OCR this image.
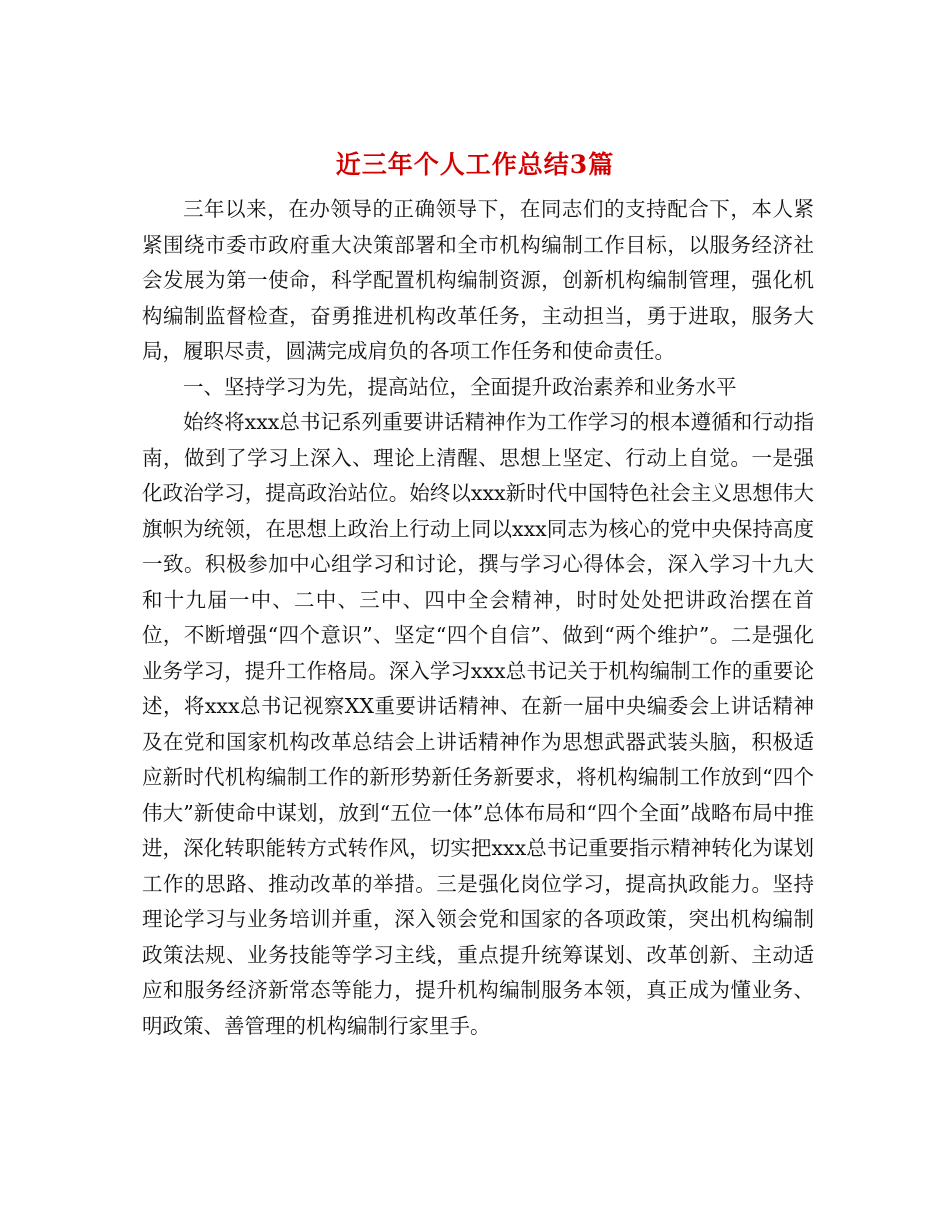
近三年个人工作总结3篇

三年以来，在办领导的正确领导下，在同志们的支持配合下，本人紧紧围绕市委市政府重大决策部署和全市机构编制工作目标，以服务经济社会发展为第一使命，科学配置机构编制资源，创新机构编制管理，强化机构编制监督检查，奋勇推进机构改革任务，主动担当，勇于进取，服务大局，履职尽责，圆满完成肩负的各项工作任务和使命责任。

一、坚持学习为先，提高站位，全面提升政治素养和业务水平

始终将xxx总书记系列重要讲话精神作为工作学习的根本遵循和行动指南，做到了学习上深入、理论上清醒、思想上坚定、行动上自觉。一是强化政治学习，提高政治站位。始终以xxx新时代中国特色社会主义思想伟大旗帜为统领，在思想上政治上行动上同以xxx同志为核心的党中央保持高度一致。积极参加中心组学习和讨论，撰与学习心得体会，深入学习十九大和十九届一中、二中、三中、四中全会精神，时时处处把讲政治摆在首位，不断增强“四个意识”、坚定“四个自信”、做到“两个维护”。二是强化业务学习，提升工作格局。深入学习xxx总书记关于机构编制工作的重要论述，将xxx总书记视察XX重要讲话精神、在新一届中央编委会上讲话精神及在党和国家机构改革总结会上讲话精神作为思想武器武装头脑，积极适应新时代机构编制工作的新形势新任务新要求，将机构编制工作放到“四个伟大”新使命中谋划，放到“五位一体”总体布局和“四个全面”战略布局中推进，深化转职能转方式转作风，切实把xxx总书记重要指示精神转化为谋划工作的思路、推动改革的举措。三是强化岗位学习，提高执政能力。坚持理论学习与业务培训并重，深入领会党和国家的各项政策，突出机构编制政策法规、业务技能等学习主线，重点提升统筹谋划、改革创新、主动适应和服务经济新常态等能力，提升机构编制服务本领，真正成为懂业务、明政策、善管理的机构编制行家里手。
